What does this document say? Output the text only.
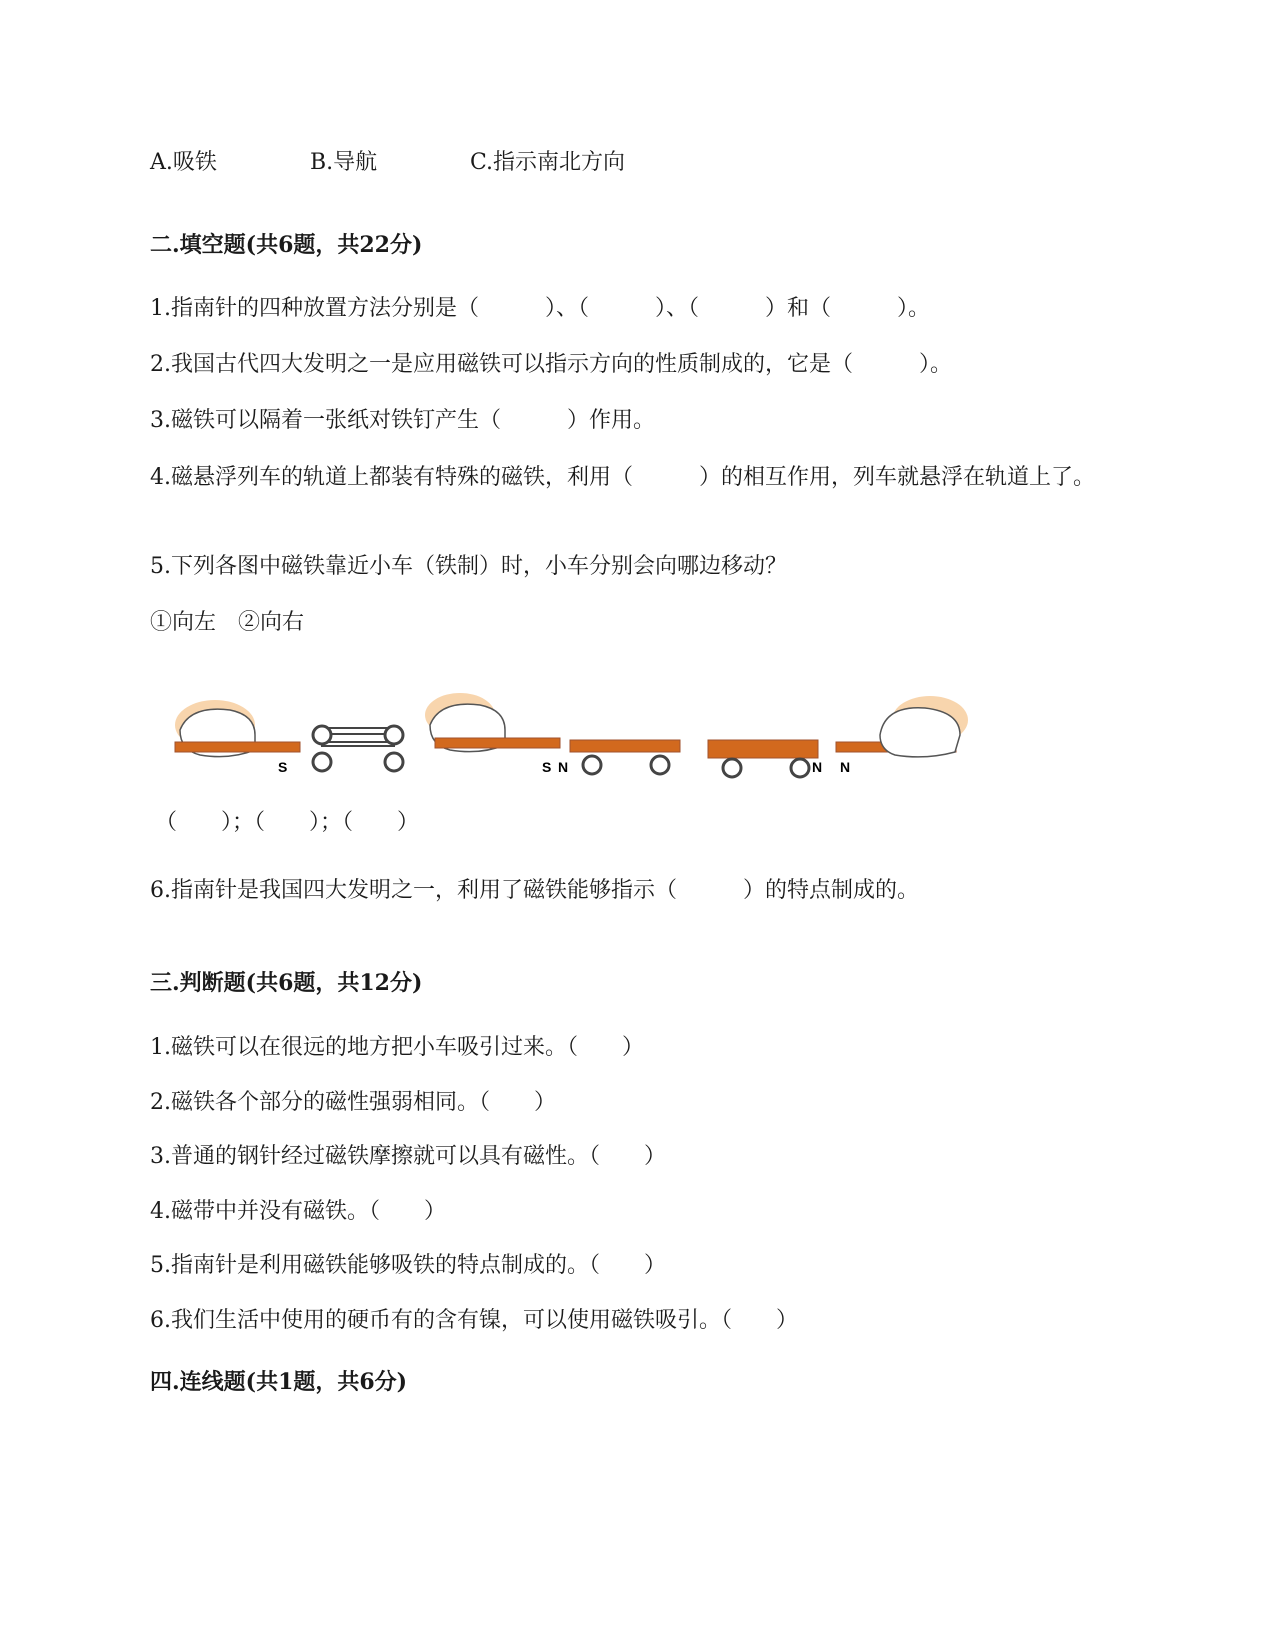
A.吸铁	B.导航	C.指示南北方向
二.填空题(共6题，共22分)
1.指南针的四种放置方法分别是（　　　）、（　　　）、（　　　）和（　　　）。
2.我国古代四大发明之一是应用磁铁可以指示方向的性质制成的，它是（　　　）。
3.磁铁可以隔着一张纸对铁钉产生（　　　）作用。
4.磁悬浮列车的轨道上都装有特殊的磁铁，利用（　　　）的相互作用，列车就悬浮在轨道上了。
5.下列各图中磁铁靠近小车（铁制）时，小车分别会向哪边移动？
①向左　②向右
S	S N	N N
（　　）；（　　）；（　　）
6.指南针是我国四大发明之一，利用了磁铁能够指示（　　　）的特点制成的。
三.判断题(共6题，共12分)
1.磁铁可以在很远的地方把小车吸引过来。（　　）
2.磁铁各个部分的磁性强弱相同。（　　）
3.普通的钢针经过磁铁摩擦就可以具有磁性。（　　）
4.磁带中并没有磁铁。（　　）
5.指南针是利用磁铁能够吸铁的特点制成的。（　　）
6.我们生活中使用的硬币有的含有镍，可以使用磁铁吸引。（　　）
四.连线题(共1题，共6分)
